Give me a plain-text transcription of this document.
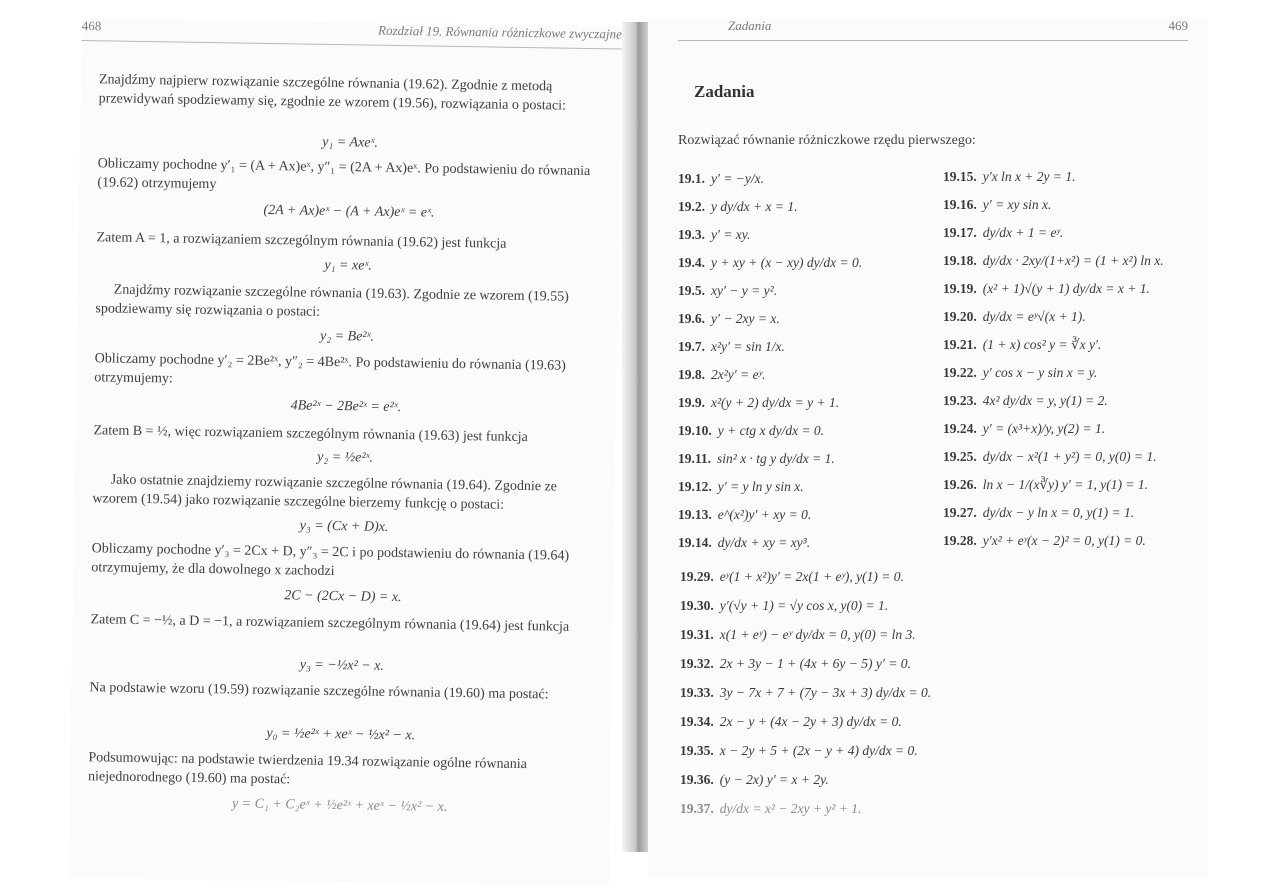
468	Rozdział 19. Równania różniczkowe zwyczajne

Znajdźmy najpierw rozwiązanie szczególne równania (19.62). Zgodnie z metodą przewidywań spodziewamy się, zgodnie ze wzorem (19.56), rozwiązania o postaci:

y₁ = Axeˣ.

Obliczamy pochodne y′₁ = (A + Ax)eˣ, y″₁ = (2A + Ax)eˣ. Po podstawieniu do równania (19.62) otrzymujemy

(2A + Ax)eˣ − (A + Ax)eˣ = eˣ.

Zatem A = 1, a rozwiązaniem szczególnym równania (19.62) jest funkcja

y₁ = xeˣ.

Znajdźmy rozwiązanie szczególne równania (19.63). Zgodnie ze wzorem (19.55) spodziewamy się rozwiązania o postaci:

y₂ = Be²ˣ.

Obliczamy pochodne y′₂ = 2Be²ˣ, y″₂ = 4Be²ˣ. Po podstawieniu do równania (19.63) otrzymujemy:

4Be²ˣ − 2Be²ˣ = e²ˣ.

Zatem B = ½, więc rozwiązaniem szczególnym równania (19.63) jest funkcja

y₂ = ½e²ˣ.

Jako ostatnie znajdziemy rozwiązanie szczególne równania (19.64). Zgodnie ze wzorem (19.54) jako rozwiązanie szczególne bierzemy funkcję o postaci:

y₃ = (Cx + D)x.

Obliczamy pochodne y′₃ = 2Cx + D, y″₃ = 2C i po podstawieniu do równania (19.64) otrzymujemy, że dla dowolnego x zachodzi

2C − (2Cx − D) = x.

Zatem C = −½, a D = −1, a rozwiązaniem szczególnym równania (19.64) jest funkcja

y₃ = −½x² − x.

Na podstawie wzoru (19.59) rozwiązanie szczególne równania (19.60) ma postać:

y₀ = ½e²ˣ + xeˣ − ½x² − x.

Podsumowując: na podstawie twierdzenia 19.34 rozwiązanie ogólne równania niejednorodnego (19.60) ma postać:

y = C₁ + C₂eˣ + ½e²ˣ + xeˣ − ½x² − x.
Zadania	469
Zadania

Rozwiązać równanie różniczkowe rzędu pierwszego:

19.1. y′ = −y/x.
19.2. y dy/dx + x = 1.
19.3. y′ = xy.
19.4. y + xy + (x − xy) dy/dx = 0.
19.5. xy′ − y = y².
19.6. y′ − 2xy = x.
19.7. x²y′ = sin 1/x.
19.8. 2x²y′ = eʸ.
19.9. x²(y + 2) dy/dx = y + 1.
19.10. y + ctg x dy/dx = 0.
19.11. sin² x · tg y dy/dx = 1.
19.12. y′ = y ln y sin x.
19.13. e^(x²)y′ + xy = 0.
19.14. dy/dx + xy = xy³.
19.15. y′x ln x + 2y = 1.
19.16. y′ = xy sin x.
19.17. dy/dx + 1 = eʸ.
19.18. dy/dx · 2xy/(1+x²) = (1 + x²) ln x.
19.19. (x² + 1)√(y + 1) dy/dx = x + 1.
19.20. dy/dx = eʸ√(x + 1).
19.21. (1 + x) cos² y = ∛x y′.
19.22. y′ cos x − y sin x = y.
19.23. 4x² dy/dx = y, y(1) = 2.
19.24. y′ = (x³+x)/y, y(2) = 1.
19.25. dy/dx − x²(1 + y²) = 0, y(0) = 1.
19.26. ln x − 1/(x∛y) y′ = 1, y(1) = 1.
19.27. dy/dx − y ln x = 0, y(1) = 1.
19.28. y′x² + eʸ(x − 2)² = 0, y(1) = 0.
19.29. eʸ(1 + x²)y′ = 2x(1 + eʸ), y(1) = 0.
19.30. y′(√y + 1) = √y cos x, y(0) = 1.
19.31. x(1 + eʸ) − eʸ dy/dx = 0, y(0) = ln 3.
19.32. 2x + 3y − 1 + (4x + 6y − 5) y′ = 0.
19.33. 3y − 7x + 7 + (7y − 3x + 3) dy/dx = 0.
19.34. 2x − y + (4x − 2y + 3) dy/dx = 0.
19.35. x − 2y + 5 + (2x − y + 4) dy/dx = 0.
19.36. (y − 2x) y′ = x + 2y.
19.37. dy/dx = x² − 2xy + y² + 1.
